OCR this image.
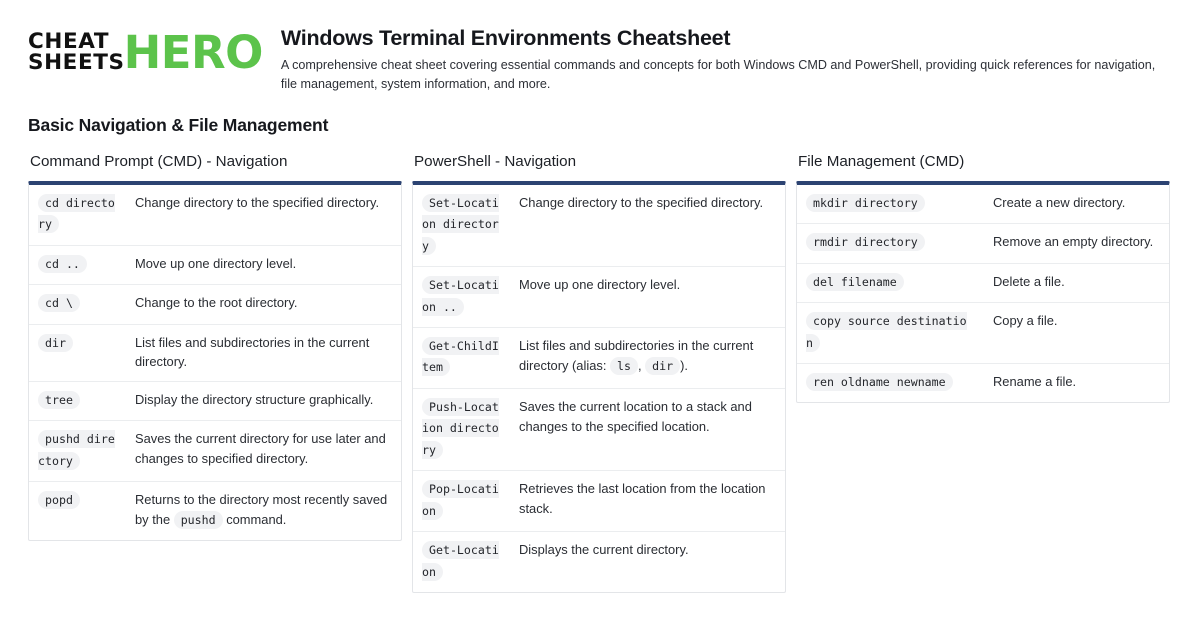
CHEAT
SHEETS HERO Windows Terminal Environments Cheatsheet

A comprehensive cheat sheet covering essential commands and concepts for both Windows CMD and PowerShell, providing quick references for navigation, file management, system information, and more.

Basic Navigation & File Management
Command Prompt (CMD) - Navigation
cd directory	Change directory to the specified directory.
cd ..	Move up one directory level.
cd \	Change to the root directory.
dir	List files and subdirectories in the current directory.
tree	Display the directory structure graphically.
pushd directory	Saves the current directory for use later and changes to specified directory.
popd	Returns to the directory most recently saved by the pushd command.
PowerShell - Navigation
Set-Location directory	Change directory to the specified directory.
Set-Location ..	Move up one directory level.
Get-ChildItem	List files and subdirectories in the current directory (alias: ls , dir ).
Push-Location directory	Saves the current location to a stack and changes to the specified location.
Pop-Location	Retrieves the last location from the location stack.
Get-Location	Displays the current directory.
File Management (CMD)
mkdir directory	Create a new directory.
rmdir directory	Remove an empty directory.
del filename	Delete a file.
copy source destination	Copy a file.
ren oldname newname	Rename a file.
